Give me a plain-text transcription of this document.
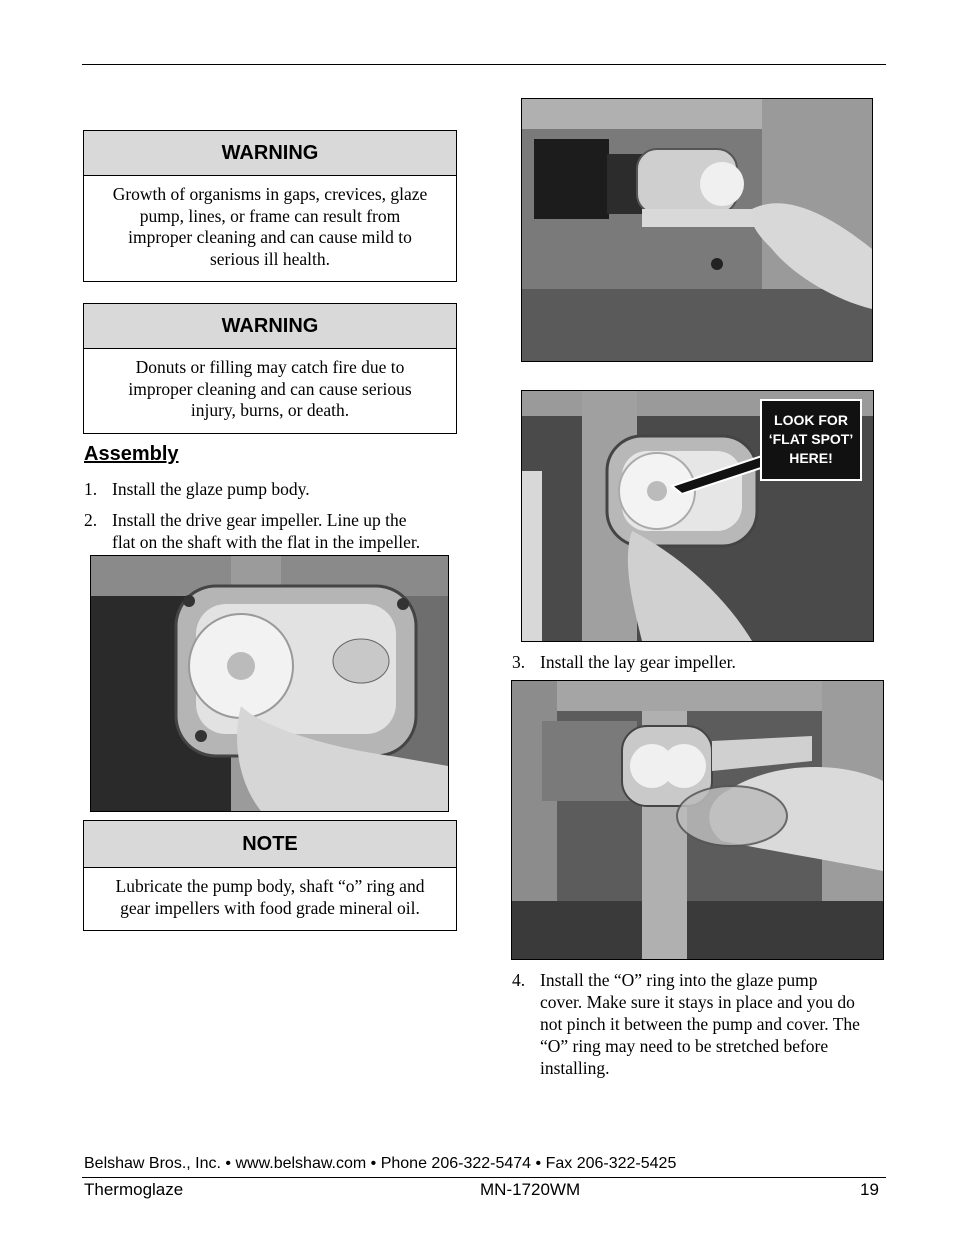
WARNING
Growth of organisms in gaps, crevices, glaze
pump, lines, or frame can result from
improper cleaning and can cause mild to
serious ill health.
WARNING
Donuts or filling may catch fire due to
improper cleaning and can cause serious
injury, burns, or death.
Assembly
1. Install the glaze pump body.
2. Install the drive gear impeller. Line up the
flat on the shaft with the flat in the impeller.
NOTE
Lubricate the pump body, shaft “o” ring and
gear impellers with food grade mineral oil.
LOOK FOR
‘FLAT SPOT’
HERE!
3. Install the lay gear impeller.
4. Install the “O” ring into the glaze pump
cover. Make sure it stays in place and you do
not pinch it between the pump and cover. The
“O” ring may need to be stretched before
installing.
Belshaw Bros., Inc. • www.belshaw.com • Phone 206-322-5474 • Fax 206-322-5425
Thermoglaze	MN-1720WM	19
